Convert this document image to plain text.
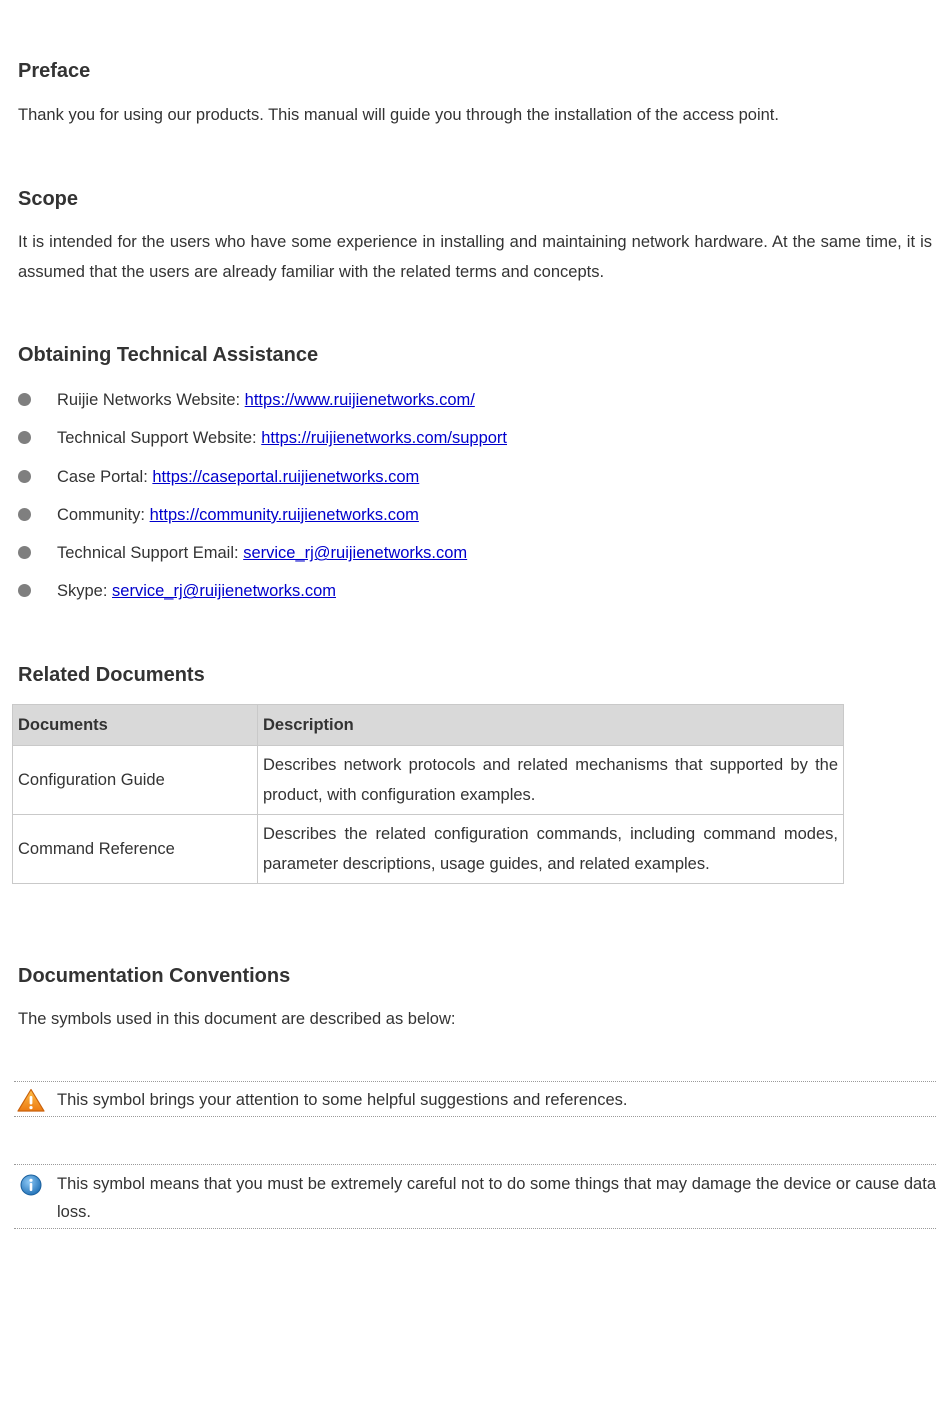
Preface

Thank you for using our products. This manual will guide you through the installation of the access point.

Scope

It is intended for the users who have some experience in installing and maintaining network hardware. At the same time, it is assumed that the users are already familiar with the related terms and concepts.

Obtaining Technical Assistance
Ruijie Networks Website: https://www.ruijienetworks.com/
Technical Support Website: https://ruijienetworks.com/support
Case Portal: https://caseportal.ruijienetworks.com
Community: https://community.ruijienetworks.com
Technical Support Email: service_rj@ruijienetworks.com
Skype: service_rj@ruijienetworks.com
Related Documents
Documents	Description
Configuration Guide	Describes network protocols and related mechanisms that supported by the product, with configuration examples.
Command Reference	Describes the related configuration commands, including command modes, parameter descriptions, usage guides, and related examples.
Documentation Conventions

The symbols used in this document are described as below:

This symbol brings your attention to some helpful suggestions and references.
This symbol means that you must be extremely careful not to do some things that may damage the device or cause data loss.
